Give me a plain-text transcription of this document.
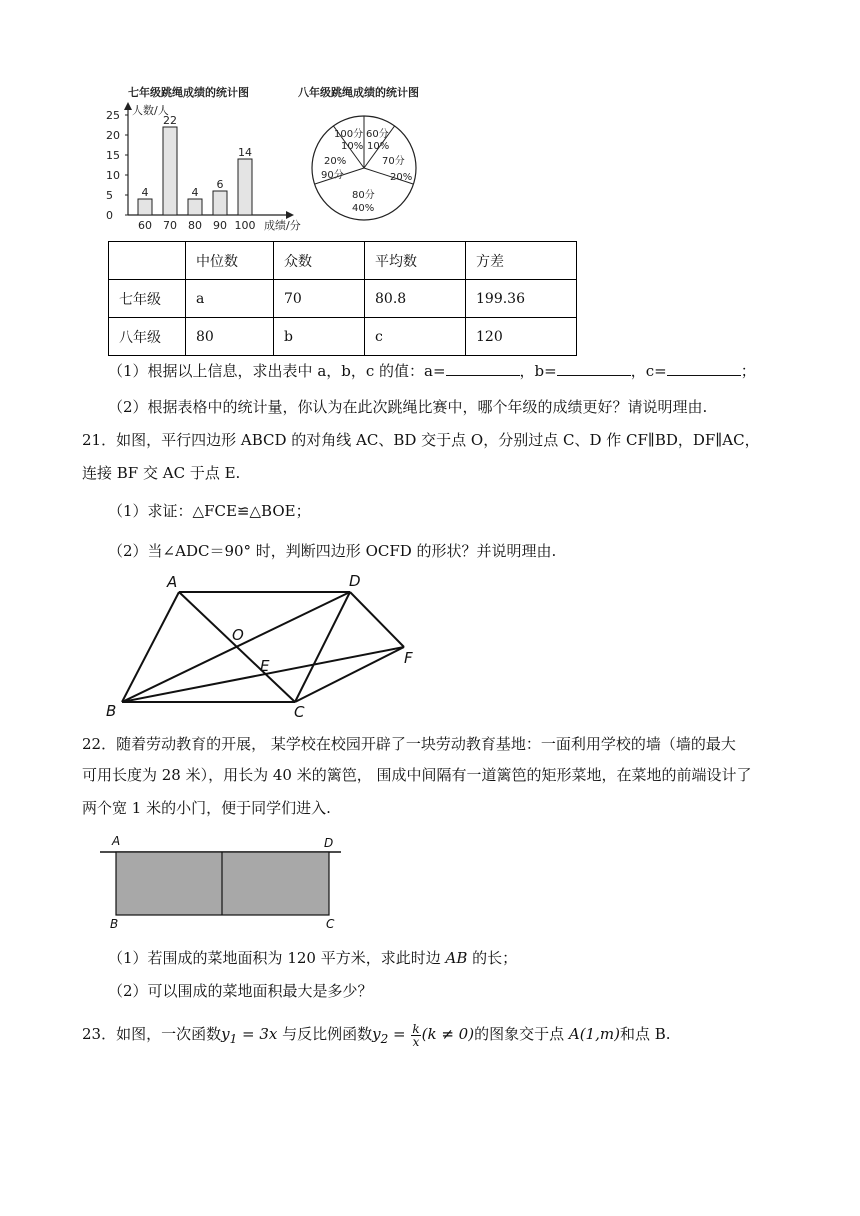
七年级跳绳成绩的统计图	八年级跳绳成绩的统计图
人数/人
成绩/分
25
20
15
10
5
0
4
60
22
70
4
80
6
90
14
100
100分
10%
60分
10%
20%
90分
70分
20%
80分
40%
	中位数	众数	平均数	方差
七年级	a	70	80.8	199.36
八年级	80	b	c	120
（1）根据以上信息，求出表中 a，b，c 的值：a=	，b=	，c=	；
（2）根据表格中的统计量，你认为在此次跳绳比赛中，哪个年级的成绩更好？请说明理由.
21．如图，平行四边形 ABCD 的对角线 AC、BD 交于点 O，分别过点 C、D 作 CF∥BD，DF∥AC，
连接 BF 交 AC 于点 E.
（1）求证：△FCE≌△BOE；
（2）当∠ADC＝90° 时，判断四边形 OCFD 的形状？并说明理由.
A	D
O
E	F
B	C
22．随着劳动教育的开展， 某学校在校园开辟了一块劳动教育基地：一面利用学校的墙（墙的最大
可用长度为 28 米），用长为 40 米的篱笆， 围成中间隔有一道篱笆的矩形菜地，在菜地的前端设计了
两个宽 1 米的小门，便于同学们进入.
A	D
B	C
（1）若围成的菜地面积为 120 平方米，求此时边 AB 的长；
（2）可以围成的菜地面积最大是多少？
23．如图，一次函数$y_1 = 3x$ 与反比例函数$y_2 = \frac{k}{x} (k \ne 0)$的图象交于点 A(1,m)和点 B.
